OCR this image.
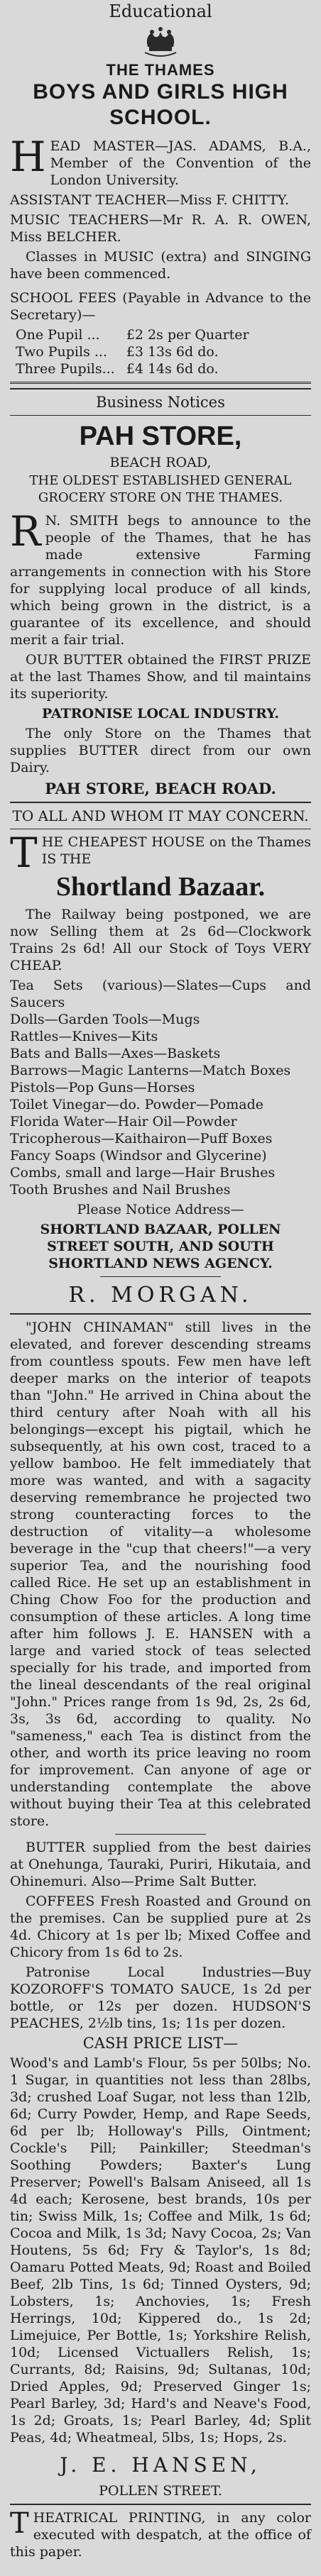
Educational
THE THAMES
BOYS AND GIRLS HIGH
SCHOOL.
HEAD MASTER—JAS. ADAMS, B.A., Member of the Convention of the London University.
ASSISTANT TEACHER—Miss F. CHITTY.
MUSIC TEACHERS—Mr R. A. R. OWEN, Miss BELCHER.
Classes in MUSIC (extra) and SINGING have been commenced.
SCHOOL FEES (Payable in Advance to the Secretary)—
One Pupil ...	£2 2s per Quarter
Two Pupils ...	£3 13s 6d do.
Three Pupils...	£4 14s 6d do.
Business Notices
PAH STORE,
BEACH ROAD,
THE OLDEST ESTABLISHED GENERAL GROCERY STORE ON THE THAMES.
R N. SMITH begs to announce to the people of the Thames, that he has made extensive Farming arrangements in connection with his Store for supplying local produce of all kinds, which being grown in the district, is a guarantee of its excellence, and should merit a fair trial.
OUR BUTTER obtained the FIRST PRIZE at the last Thames Show, and til maintains its superiority.
PATRONISE LOCAL INDUSTRY.
The only Store on the Thames that supplies BUTTER direct from our own Dairy.
PAH STORE, BEACH ROAD.
TO ALL AND WHOM IT MAY CONCERN.
THE CHEAPEST HOUSE on the Thames IS THE
Shortland Bazaar.
The Railway being postponed, we are now Selling them at 2s 6d—Clockwork Trains 2s 6d! All our Stock of Toys VERY CHEAP.
Tea Sets (various)—Slates—Cups and Saucers
Dolls—Garden Tools—Mugs
Rattles—Knives—Kits
Bats and Balls—Axes—Baskets
Barrows—Magic Lanterns—Match Boxes
Pistols—Pop Guns—Horses
Toilet Vinegar—do. Powder—Pomade
Florida Water—Hair Oil—Powder
Tricopherous—Kaithairon—Puff Boxes
Fancy Soaps (Windsor and Glycerine)
Combs, small and large—Hair Brushes
Tooth Brushes and Nail Brushes
Please Notice Address—
SHORTLAND BAZAAR, POLLEN STREET SOUTH, AND SOUTH SHORTLAND NEWS AGENCY.
R. MORGAN.
"JOHN CHINAMAN" still lives in the elevated, and forever descending streams from countless spouts. Few men have left deeper marks on the interior of teapots than "John." He arrived in China about the third century after Noah with all his belongings—except his pigtail, which he subsequently, at his own cost, traced to a yellow bamboo. He felt immediately that more was wanted, and with a sagacity deserving remembrance he projected two strong counteracting forces to the destruction of vitality—a wholesome beverage in the "cup that cheers!"—a very superior Tea, and the nourishing food called Rice. He set up an establishment in Ching Chow Foo for the production and consumption of these articles. A long time after him follows J. E. HANSEN with a large and varied stock of teas selected specially for his trade, and imported from the lineal descendants of the real original "John." Prices range from 1s 9d, 2s, 2s 6d, 3s, 3s 6d, according to quality. No "sameness," each Tea is distinct from the other, and worth its price leaving no room for improvement. Can anyone of age or understanding contemplate the above without buying their Tea at this celebrated store.
BUTTER supplied from the best dairies at Onehunga, Tauraki, Puriri, Hikutaia, and Ohinemuri. Also—Prime Salt Butter.
COFFEES Fresh Roasted and Ground on the premises. Can be supplied pure at 2s 4d. Chicory at 1s per lb; Mixed Coffee and Chicory from 1s 6d to 2s.
Patronise Local Industries—Buy KOZOROFF'S TOMATO SAUCE, 1s 2d per bottle, or 12s per dozen. HUDSON'S PEACHES, 2½lb tins, 1s; 11s per dozen.
CASH PRICE LIST—
Wood's and Lamb's Flour, 5s per 50lbs; No. 1 Sugar, in quantities not less than 28lbs, 3d; crushed Loaf Sugar, not less than 12lb, 6d; Curry Powder, Hemp, and Rape Seeds, 6d per lb; Holloway's Pills, Ointment; Cockle's Pill; Painkiller; Steedman's Soothing Powders; Baxter's Lung Preserver; Powell's Balsam Aniseed, all 1s 4d each; Kerosene, best brands, 10s per tin; Swiss Milk, 1s; Coffee and Milk, 1s 6d; Cocoa and Milk, 1s 3d; Navy Cocoa, 2s; Van Houtens, 5s 6d; Fry & Taylor's, 1s 8d; Oamaru Potted Meats, 9d; Roast and Boiled Beef, 2lb Tins, 1s 6d; Tinned Oysters, 9d; Lobsters, 1s; Anchovies, 1s; Fresh Herrings, 10d; Kippered do., 1s 2d; Limejuice, Per Bottle, 1s; Yorkshire Relish, 10d; Licensed Victuallers Relish, 1s; Currants, 8d; Raisins, 9d; Sultanas, 10d; Dried Apples, 9d; Preserved Ginger 1s; Pearl Barley, 3d; Hard's and Neave's Food, 1s 2d; Groats, 1s; Pearl Barley, 4d; Split Peas, 4d; Wheatmeal, 5lbs, 1s; Hops, 2s.
J. E. HANSEN,
POLLEN STREET.
THEATRICAL PRINTING, in any color executed with despatch, at the office of this paper.
